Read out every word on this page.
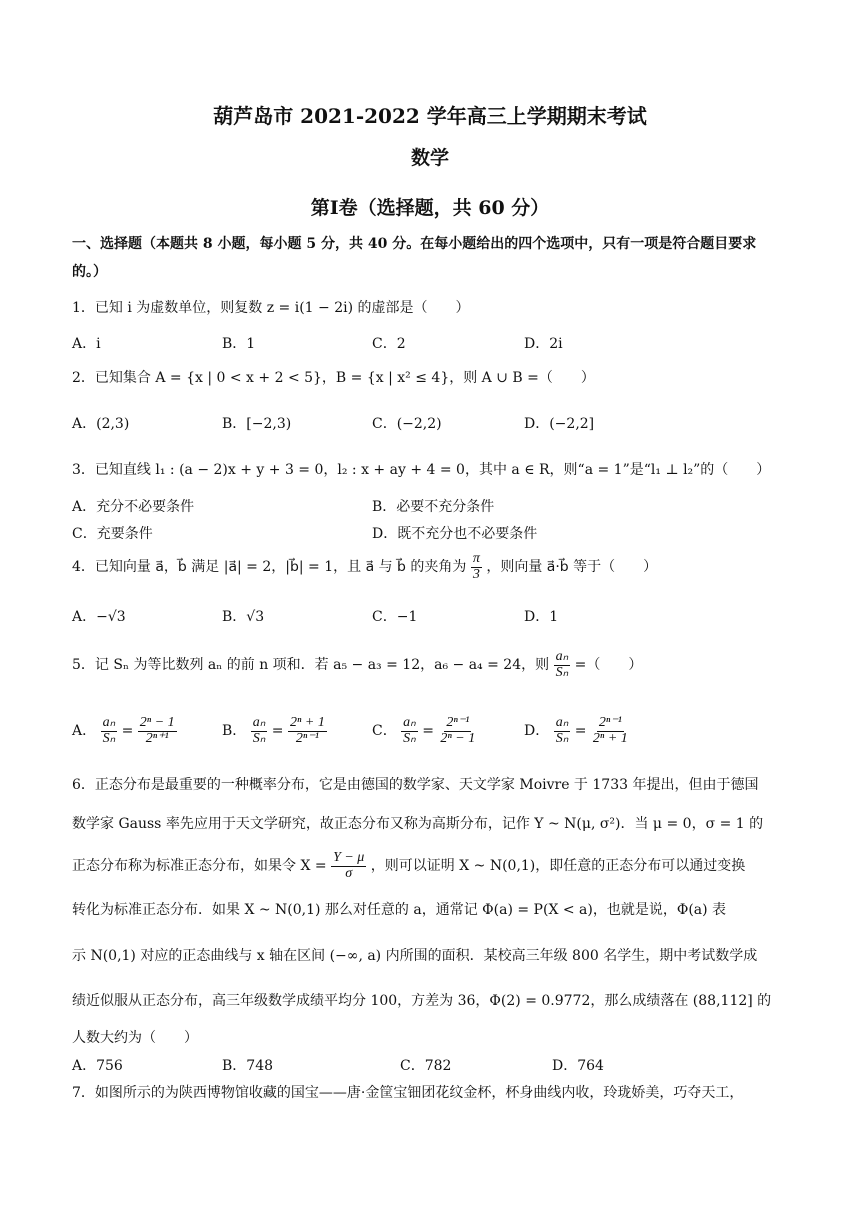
葫芦岛市 2021-2022 学年高三上学期期末考试
数学
第Ⅰ卷（选择题，共 60 分）
一、选择题（本题共 8 小题，每小题 5 分，共 40 分。在每小题给出的四个选项中，只有一项是符合题目要求
的。）
1．已知 i 为虚数单位，则复数 z = i(1 − 2i) 的虚部是（　　）
A．i	B．1	C．2	D．2i
2．已知集合 A = {x | 0 < x + 2 < 5}，B = {x | x² ≤ 4}，则 A ∪ B =（　　）
A．(2,3)	B．[−2,3)	C．(−2,2)	D．(−2,2]
3．已知直线 l₁ : (a − 2)x + y + 3 = 0，l₂ : x + ay + 4 = 0，其中 a ∈ R，则“a = 1”是“l₁ ⊥ l₂”的（　　）
A．充分不必要条件	B．必要不充分条件
C．充要条件	D．既不充分也不必要条件
4．已知向量 a⃗，b⃗ 满足 |a⃗| = 2，|b⃗| = 1，且 a⃗ 与 b⃗ 的夹角为 $\frac{\pi}{3}$ ，则向量 a⃗·b⃗ 等于（　　）
A．−√3	B．√3	C．−1	D．1
5．记 Sₙ 为等比数列 aₙ 的前 n 项和．若 a₅ − a₃ = 12，a₆ − a₄ = 24，则 $\frac{\text{aₙ}}{\text{Sₙ}}$ =（　　）
A． $\frac{\text{aₙ}}{\text{Sₙ}} = \frac{\text{2ⁿ − 1}}{\text{2ⁿ⁺¹}}$	B． $\frac{\text{aₙ}}{\text{Sₙ}} = \frac{\text{2ⁿ + 1}}{\text{2ⁿ⁻¹}}$	C． $\frac{\text{aₙ}}{\text{Sₙ}} = \frac{\text{2ⁿ⁻¹}}{\text{2ⁿ − 1}}$	D． $\frac{\text{aₙ}}{\text{Sₙ}} = \frac{\text{2ⁿ⁻¹}}{\text{2ⁿ + 1}}$
6．正态分布是最重要的一种概率分布，它是由德国的数学家、天文学家 Moivre 于 1733 年提出，但由于德国
数学家 Gauss 率先应用于天文学研究，故正态分布又称为高斯分布，记作 Y ~ N(μ, σ²)．当 μ = 0，σ = 1 的
正态分布称为标准正态分布，如果令 $X = \frac{Y - \mu}{\sigma}$ ，则可以证明 X ~ N(0,1)，即任意的正态分布可以通过变换
转化为标准正态分布．如果 X ~ N(0,1) 那么对任意的 a，通常记 Φ(a) = P(X < a)，也就是说，Φ(a) 表
示 N(0,1) 对应的正态曲线与 x 轴在区间 (−∞, a) 内所围的面积．某校高三年级 800 名学生，期中考试数学成
绩近似服从正态分布，高三年级数学成绩平均分 100，方差为 36，Φ(2) = 0.9772，那么成绩落在 (88,112] 的
人数大约为（　　）
A．756	B．748	C．782	D．764
7．如图所示的为陕西博物馆收藏的国宝——唐·金筐宝钿团花纹金杯，杯身曲线内收，玲珑娇美，巧夺天工，
